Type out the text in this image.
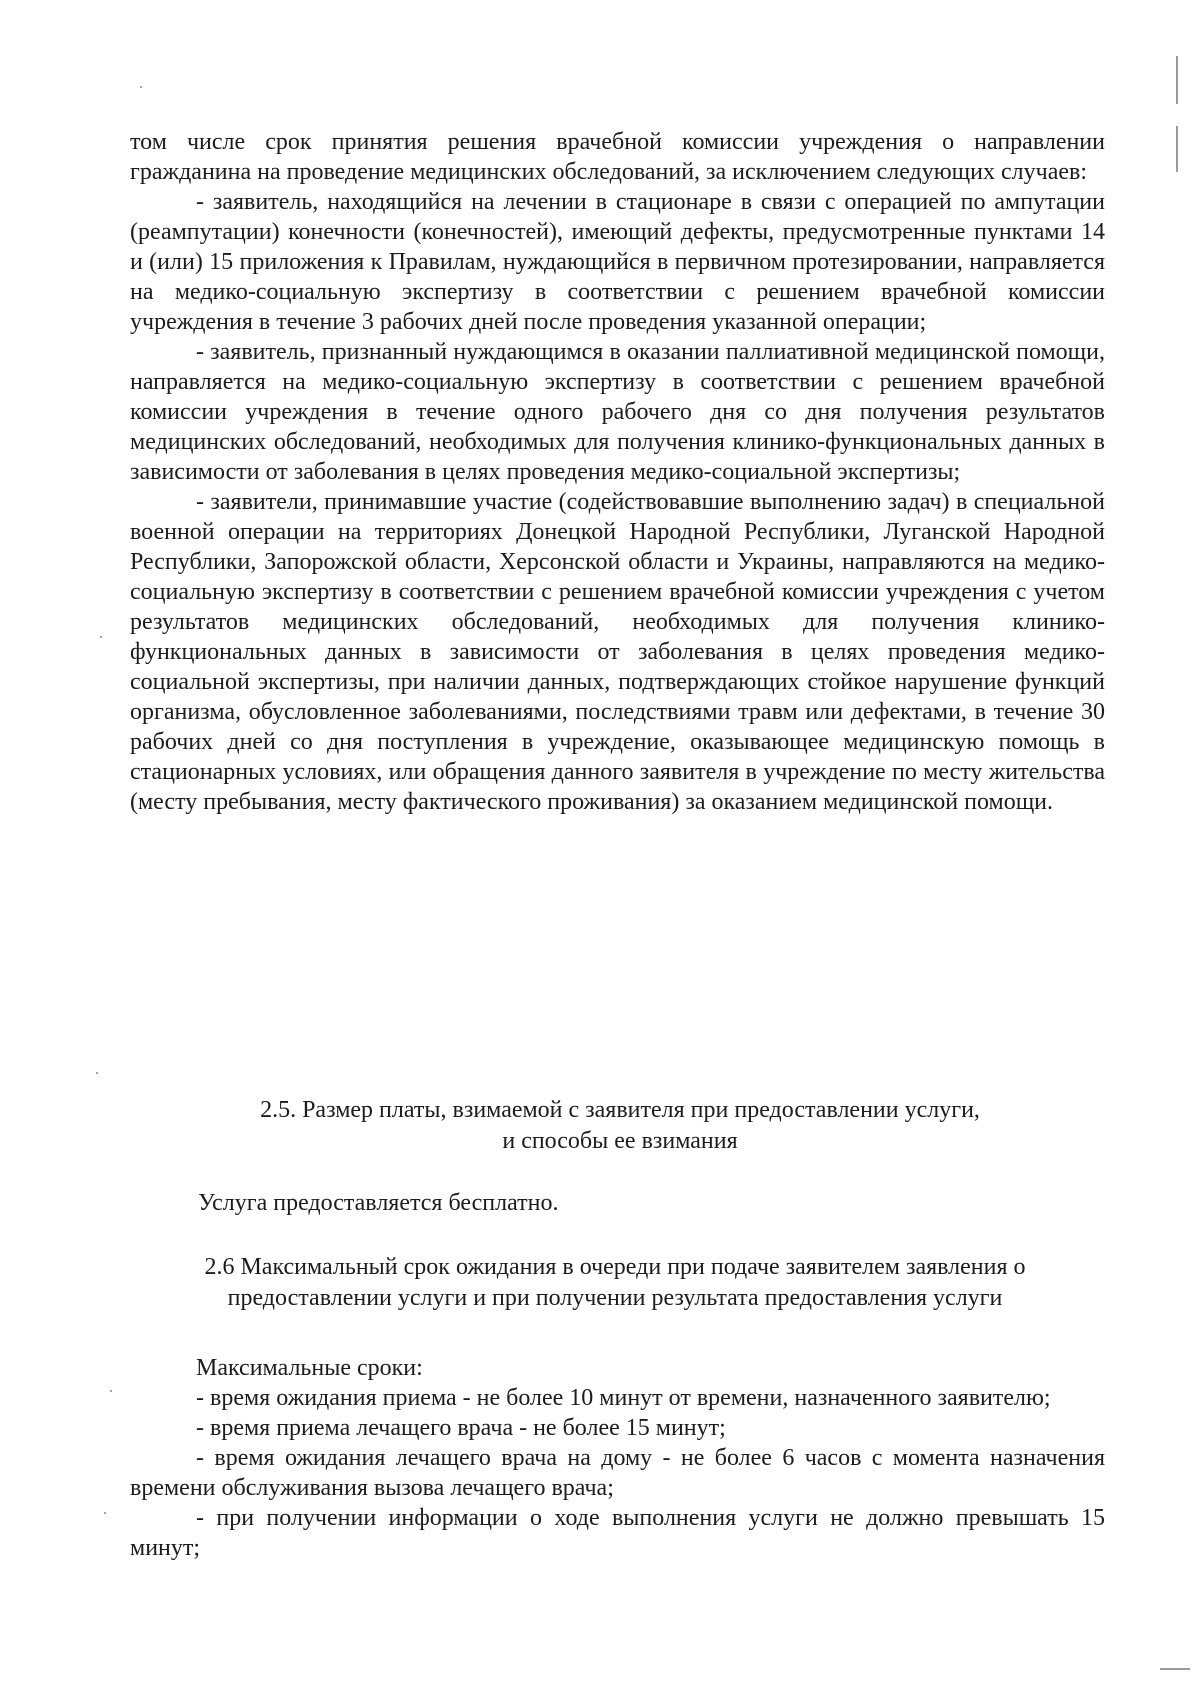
том числе срок принятия решения врачебной комиссии учреждения о направлении гражданина на проведение медицинских обследований, за исключением следующих случаев:

- заявитель, находящийся на лечении в стационаре в связи с операцией по ампутации (реампутации) конечности (конечностей), имеющий дефекты, предусмотренные пунктами 14 и (или) 15 приложения к Правилам, нуждающийся в первичном протезировании, направляется на медико-социальную экспертизу в соответствии с решением врачебной комиссии учреждения в течение 3 рабочих дней после проведения указанной операции;

- заявитель, признанный нуждающимся в оказании паллиативной медицинской помощи, направляется на медико-социальную экспертизу в соответствии с решением врачебной комиссии учреждения в течение одного рабочего дня со дня получения результатов медицинских обследований, необходимых для получения клинико-функциональных данных в зависимости от заболевания в целях проведения медико-социальной экспертизы;

- заявители, принимавшие участие (содействовавшие выполнению задач) в специальной военной операции на территориях Донецкой Народной Республики, Луганской Народной Республики, Запорожской области, Херсонской области и Украины, направляются на медико-социальную экспертизу в соответствии с решением врачебной комиссии учреждения с учетом результатов медицинских обследований, необходимых для получения клинико-функциональных данных в зависимости от заболевания в целях проведения медико-социальной экспертизы, при наличии данных, подтверждающих стойкое нарушение функций организма, обусловленное заболеваниями, последствиями травм или дефектами, в течение 30 рабочих дней со дня поступления в учреждение, оказывающее медицинскую помощь в стационарных условиях, или обращения данного заявителя в учреждение по месту жительства (месту пребывания, месту фактического проживания) за оказанием медицинской помощи.

2.5. Размер платы, взимаемой с заявителя при предоставлении услуги,
и способы ее взимания

Услуга предоставляется бесплатно.

2.6 Максимальный срок ожидания в очереди при подаче заявителем заявления о
предоставлении услуги и при получении результата предоставления услуги

Максимальные сроки:

- время ожидания приема - не более 10 минут от времени, назначенного заявителю;

- время приема лечащего врача - не более 15 минут;

- время ожидания лечащего врача на дому - не более 6 часов с момента назначения времени обслуживания вызова лечащего врача;

- при получении информации о ходе выполнения услуги не должно превышать 15 минут;
